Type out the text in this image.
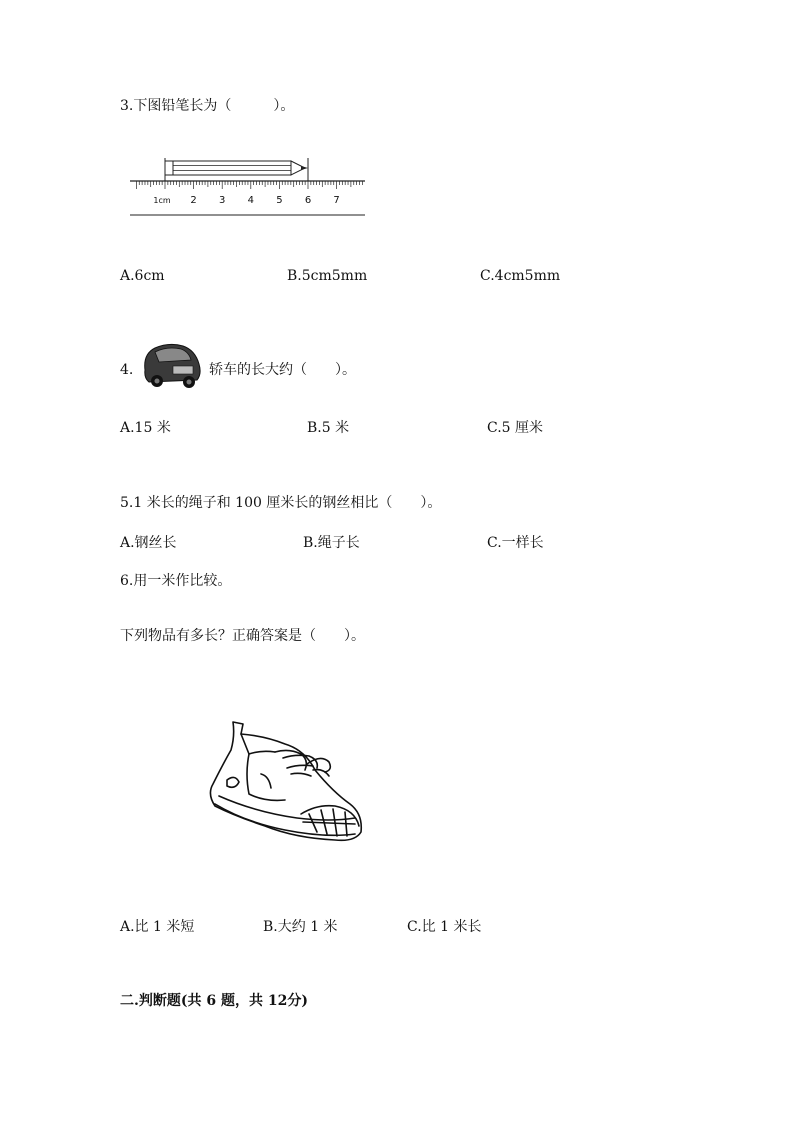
3.下图铅笔长为（　　　）。
1cm 2 3 4 5 6 7
A.6cm	B.5cm5mm	C.4cm5mm
4.	轿车的长大约（　　）。
A.15 米	B.5 米	C.5 厘米
5.1 米长的绳子和 100 厘米长的钢丝相比（　　）。
A.钢丝长	B.绳子长	C.一样长
6.用一米作比较。
下列物品有多长？正确答案是（　　）。
A.比 1 米短	B.大约 1 米	C.比 1 米长
二.判断题(共 6 题，共 12分)
